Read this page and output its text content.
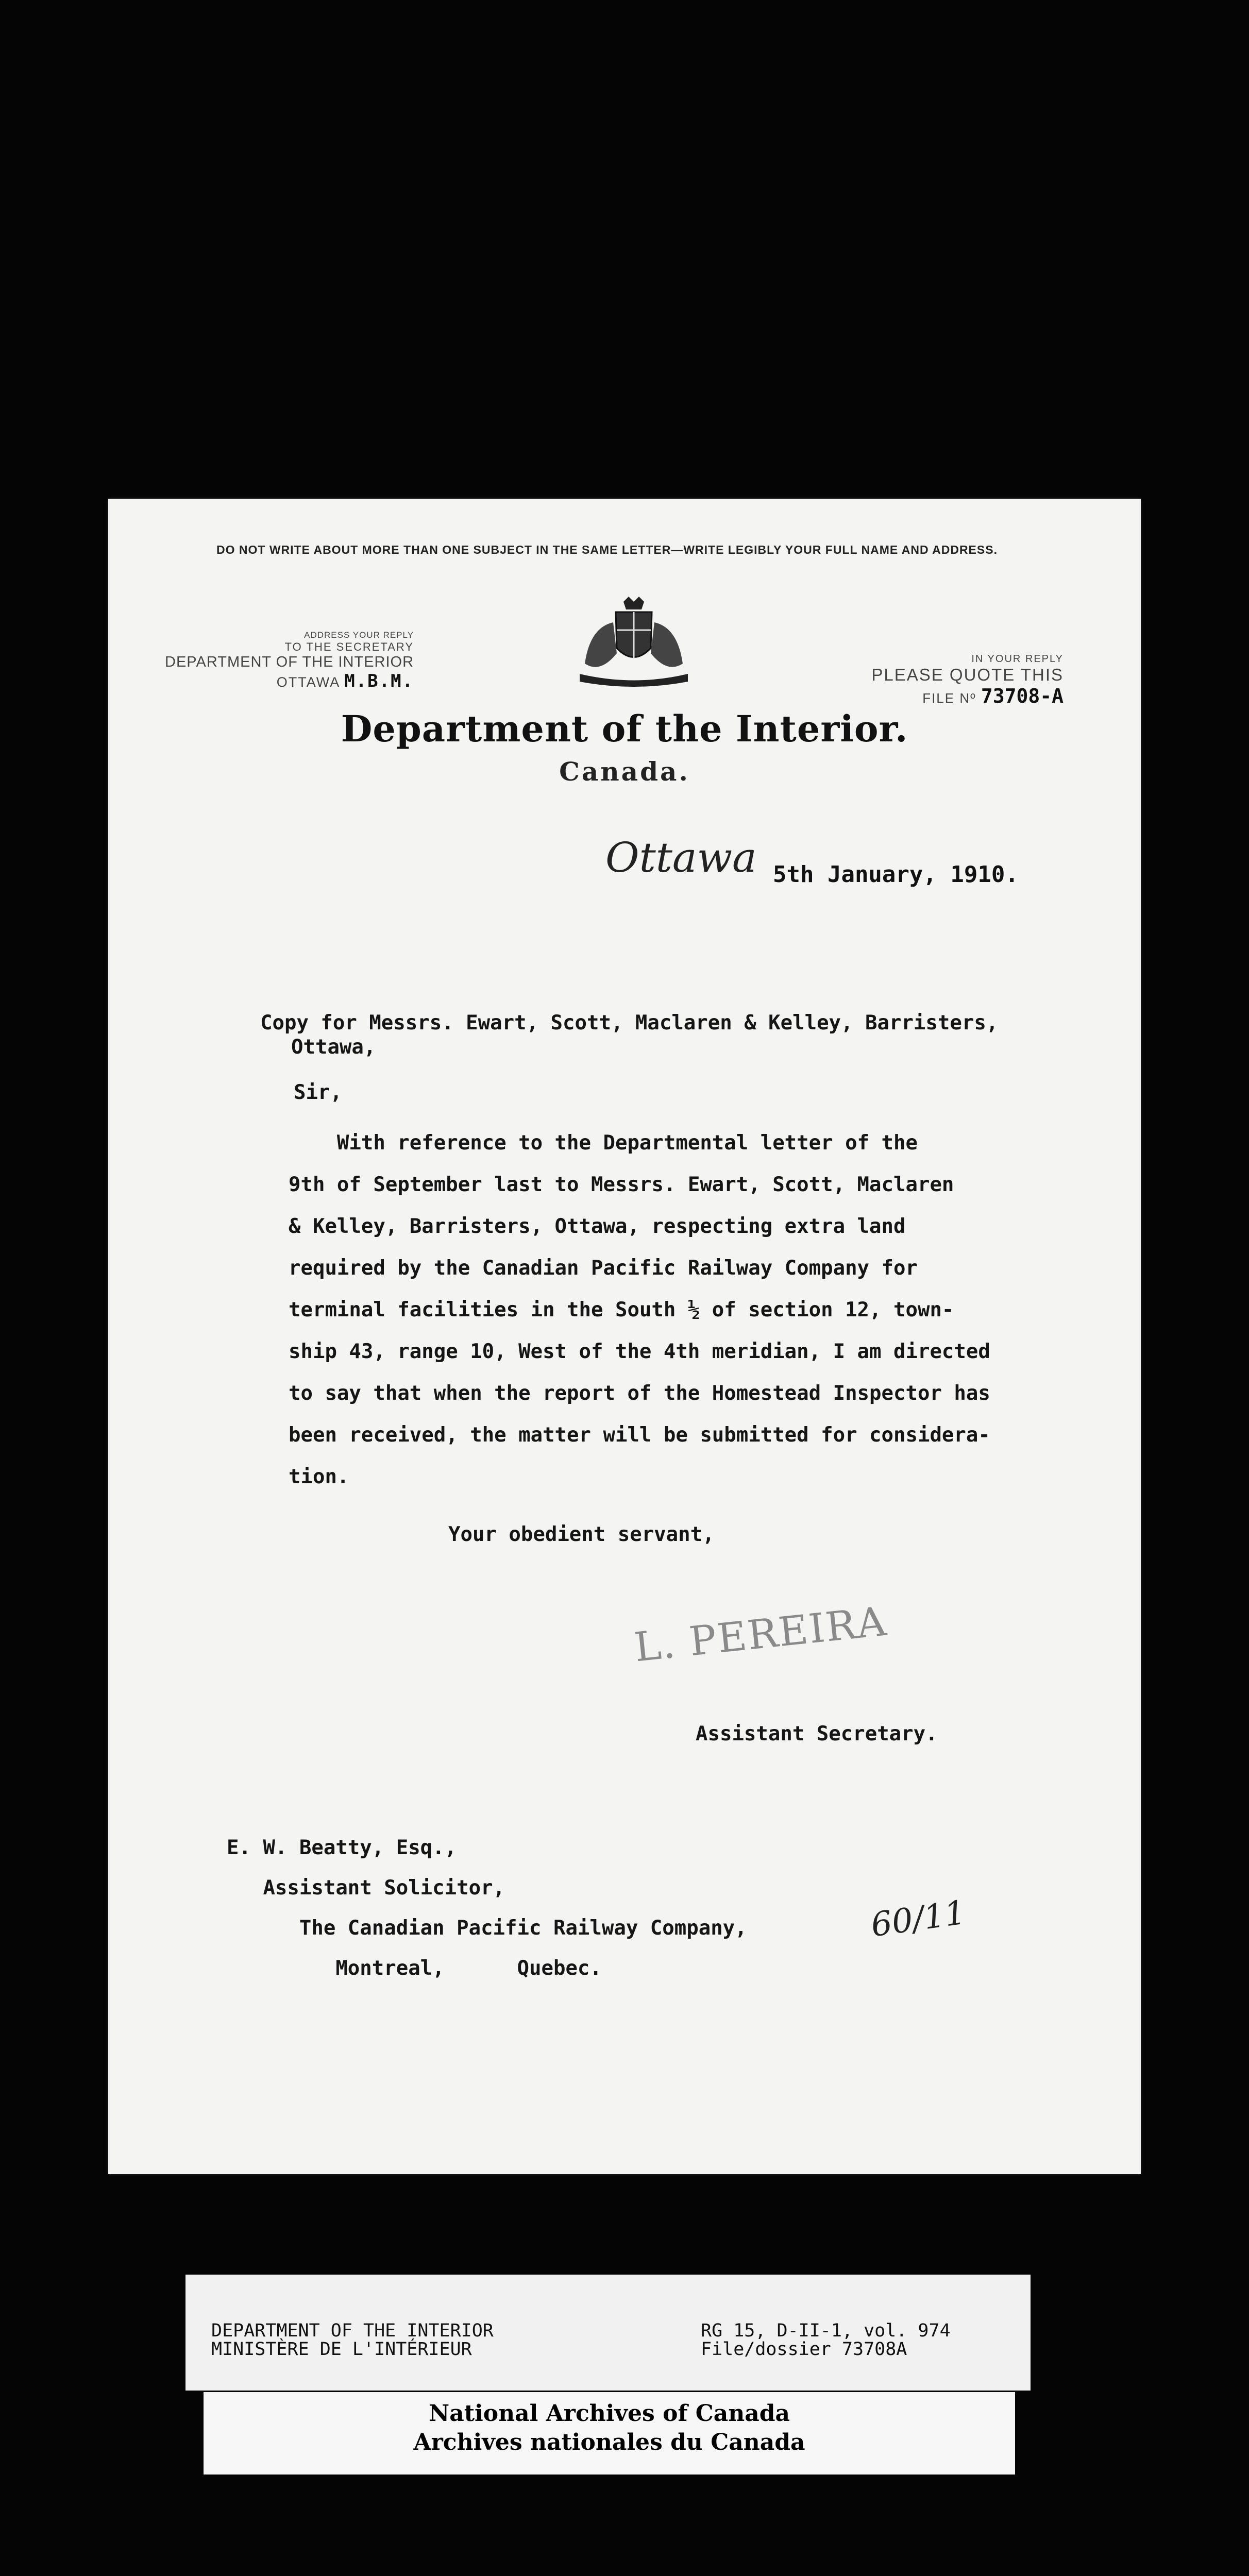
DO NOT WRITE ABOUT MORE THAN ONE SUBJECT IN THE SAME LETTER—WRITE LEGIBLY YOUR FULL NAME AND ADDRESS.
ADDRESS YOUR REPLY
TO THE SECRETARY
DEPARTMENT OF THE INTERIOR
OTTAWA M.B.M.
IN YOUR REPLY
PLEASE QUOTE THIS
FILE Nº 73708-A
Department of the Interior.
Canada.
Ottawa 5th January, 1910.
Copy for Messrs. Ewart, Scott, Maclaren & Kelley, Barristers,
Ottawa,
Sir,
With reference to the Departmental letter of the
9th of September last to Messrs. Ewart, Scott, Maclaren
& Kelley, Barristers, Ottawa, respecting extra land
required by the Canadian Pacific Railway Company for
terminal facilities in the South ½ of section 12, town-
ship 43, range 10, West of the 4th meridian, I am directed
to say that when the report of the Homestead Inspector has
been received, the matter will be submitted for considera-
tion.
Your obedient servant,
L. PEREIRA
Assistant Secretary.
E. W. Beatty, Esq.,
Assistant Solicitor,
The Canadian Pacific Railway Company,
Montreal,      Quebec.
60/11
DEPARTMENT OF THE INTERIOR
MINISTÈRE DE L'INTÉRIEUR
RG 15, D-II-1, vol. 974
File/dossier 73708A
National Archives of Canada
Archives nationales du Canada
